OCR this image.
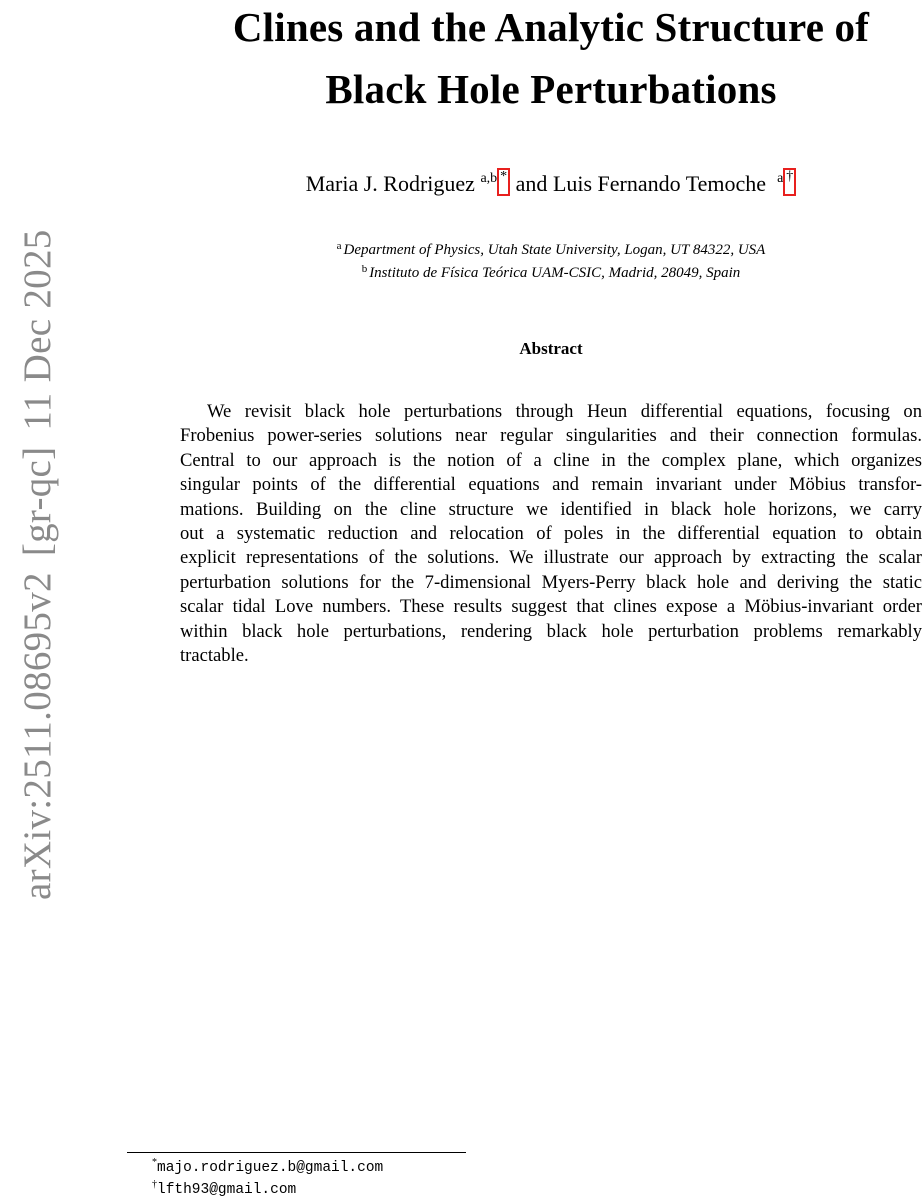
arXiv:2511.08695v2[gr-qc]11 Dec 2025
Clines and the Analytic Structure of
Black Hole Perturbations
Maria J. Rodriguez $^{a,b}$ * and Luis Fernando Temoche $^a$ †
$^a$ Department of Physics, Utah State University, Logan, UT 84322, USA
$^b$ Instituto de Física Teórica UAM-CSIC, Madrid, 28049, Spain
Abstract
We revisit black hole perturbations through Heun differential equations, focusing on
Frobenius power-series solutions near regular singularities and their connection formulas.
Central to our approach is the notion of a cline in the complex plane, which organizes
singular points of the differential equations and remain invariant under Möbius transfor-
mations. Building on the cline structure we identified in black hole horizons, we carry
out a systematic reduction and relocation of poles in the differential equation to obtain
explicit representations of the solutions. We illustrate our approach by extracting the scalar
perturbation solutions for the 7-dimensional Myers-Perry black hole and deriving the static
scalar tidal Love numbers. These results suggest that clines expose a Möbius-invariant order
within black hole perturbations, rendering black hole perturbation problems remarkably
tractable.
*majo.rodriguez.b@gmail.com
†lfth93@gmail.com
